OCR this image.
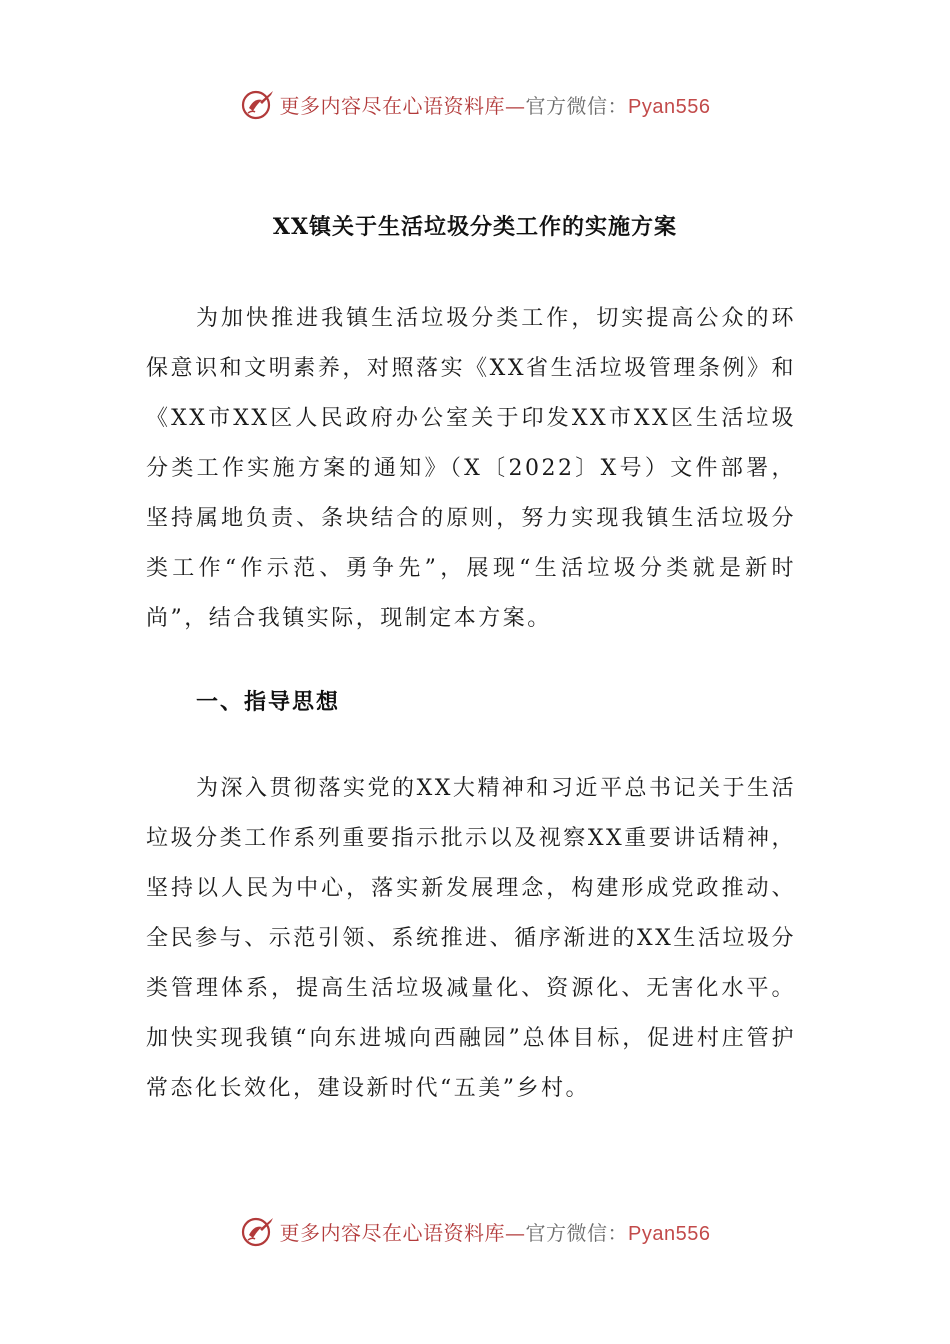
更多内容尽在心语资料库—官方微信：Pyan556
XX镇关于生活垃圾分类工作的实施方案
为加快推进我镇生活垃圾分类工作，切实提高公众的环保意识和文明素养，对照落实《XX省生活垃圾管理条例》和《XX市XX区人民政府办公室关于印发XX市XX区生活垃圾分类工作实施方案的通知》（X〔2022〕X号）文件部署，坚持属地负责、条块结合的原则，努力实现我镇生活垃圾分类工作“作示范、勇争先”，展现“生活垃圾分类就是新时尚”，结合我镇实际，现制定本方案。
一、指导思想
为深入贯彻落实党的XX大精神和习近平总书记关于生活垃圾分类工作系列重要指示批示以及视察XX重要讲话精神，坚持以人民为中心，落实新发展理念，构建形成党政推动、全民参与、示范引领、系统推进、循序渐进的XX生活垃圾分类管理体系，提高生活垃圾减量化、资源化、无害化水平。加快实现我镇“向东进城向西融园”总体目标，促进村庄管护常态化长效化，建设新时代“五美”乡村。
更多内容尽在心语资料库—官方微信：Pyan556
